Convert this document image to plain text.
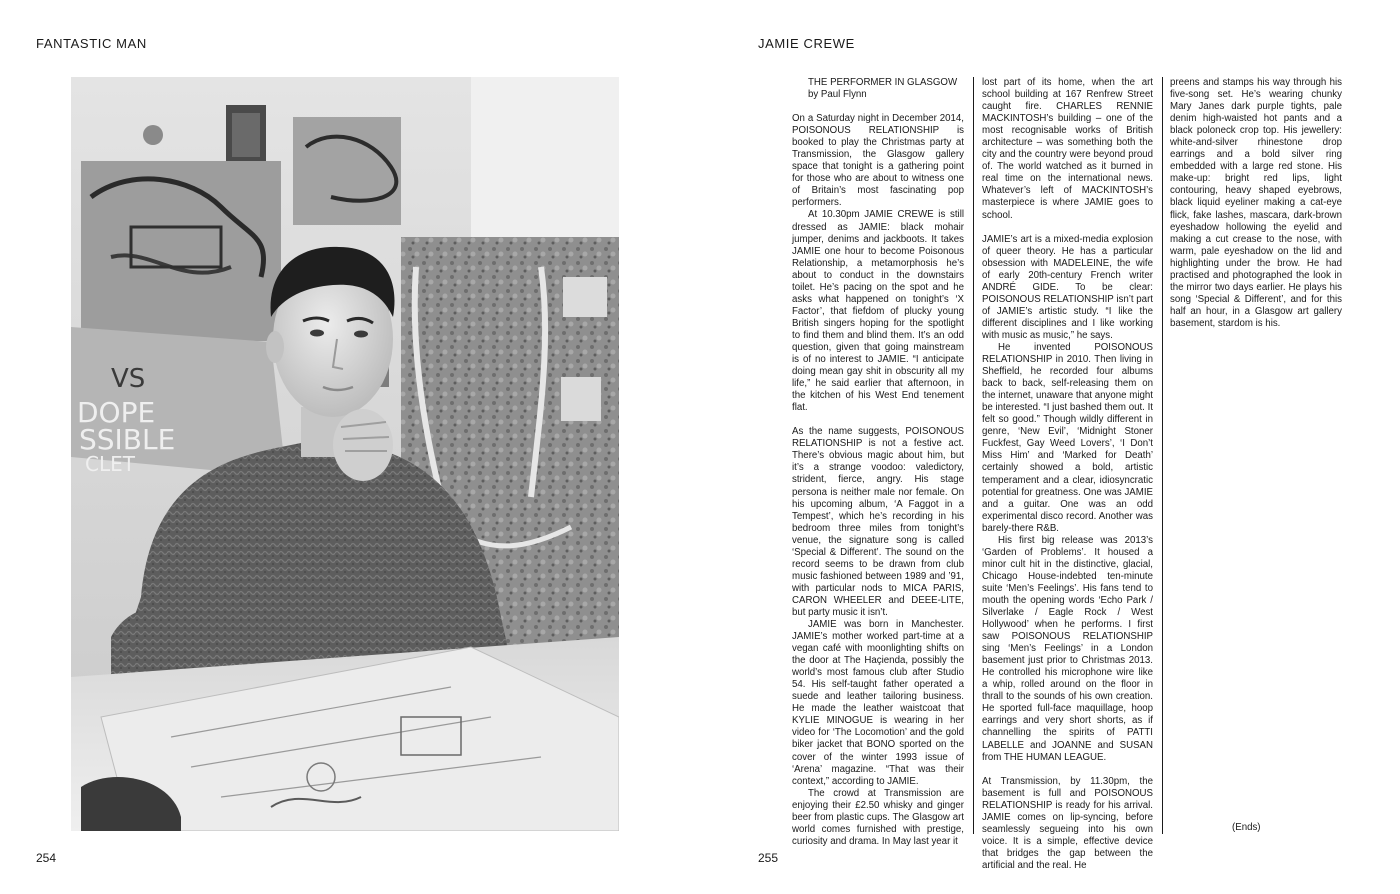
FANTASTIC MAN
VS
DOPE
SSIBLE
CLET
254
JAMIE CREWE

THE PERFORMER IN GLASGOW

by Paul Flynn

On a Saturday night in December 2014, POISONOUS RELATIONSHIP is booked to play the Christmas party at Transmission, the Glasgow gallery space that tonight is a gathering point for those who are about to witness one of Britain’s most fascinating pop performers.

At 10.30pm JAMIE CREWE is still dressed as JAMIE: black mohair jumper, denims and jackboots. It takes JAMIE one hour to become Poisonous Relationship, a metamorphosis he’s about to conduct in the downstairs toilet. He’s pacing on the spot and he asks what happened on tonight’s ‘X Factor’, that fiefdom of plucky young British singers hoping for the spotlight to find them and blind them. It’s an odd question, given that going mainstream is of no interest to JAMIE. “I anticipate doing mean gay shit in obscurity all my life,” he said earlier that afternoon, in the kitchen of his West End tenement flat.

As the name suggests, POISONOUS RELATIONSHIP is not a festive act. There’s obvious magic about him, but it’s a strange voodoo: valedictory, strident, fierce, angry. His stage persona is neither male nor female. On his upcoming album, ‘A Faggot in a Tempest’, which he’s recording in his bedroom three miles from tonight’s venue, the signature song is called ‘Special & Different’. The sound on the record seems to be drawn from club music fashioned between 1989 and ’91, with particular nods to MICA PARIS, CARON WHEELER and DEEE-LITE, but party music it isn’t.

JAMIE was born in Manchester. JAMIE’s mother worked part-time at a vegan café with moonlighting shifts on the door at The Haçienda, possibly the world’s most famous club after Studio 54. His self-taught father operated a suede and leather tailoring business. He made the leather waistcoat that KYLIE MINOGUE is wearing in her video for ‘The Locomotion’ and the gold biker jacket that BONO sported on the cover of the winter 1993 issue of ‘Arena’ magazine. “That was their context,” according to JAMIE.

The crowd at Transmission are enjoying their £2.50 whisky and ginger beer from plastic cups. The Glasgow art world comes furnished with prestige, curiosity and drama. In May last year it

lost part of its home, when the art school building at 167 Renfrew Street caught fire. CHARLES RENNIE MACKINTOSH’s building – one of the most recognisable works of British architecture – was something both the city and the country were beyond proud of. The world watched as it burned in real time on the international news. Whatever’s left of MACKINTOSH’s masterpiece is where JAMIE goes to school.

JAMIE’s art is a mixed-media explosion of queer theory. He has a particular obsession with MADELEINE, the wife of early 20th-century French writer ANDRÉ GIDE. To be clear: POISONOUS RELATIONSHIP isn’t part of JAMIE’s artistic study. “I like the different disciplines and I like working with music as music,” he says.

He invented POISONOUS RELATIONSHIP in 2010. Then living in Sheffield, he recorded four albums back to back, self-releasing them on the internet, unaware that anyone might be interested. “I just bashed them out. It felt so good.” Though wildly different in genre, ‘New Evil’, ‘Midnight Stoner Fuckfest, Gay Weed Lovers’, ‘I Don’t Miss Him’ and ‘Marked for Death’ certainly showed a bold, artistic temperament and a clear, idiosyncratic potential for greatness. One was JAMIE and a guitar. One was an odd experimental disco record. Another was barely-there R&B.

His first big release was 2013’s ‘Garden of Problems’. It housed a minor cult hit in the distinctive, glacial, Chicago House-indebted ten-minute suite ‘Men’s Feelings’. His fans tend to mouth the opening words ‘Echo Park / Silverlake / Eagle Rock / West Hollywood’ when he performs. I first saw POISONOUS RELATIONSHIP sing ‘Men’s Feelings’ in a London basement just prior to Christmas 2013. He controlled his microphone wire like a whip, rolled around on the floor in thrall to the sounds of his own creation. He sported full-face maquillage, hoop earrings and very short shorts, as if channelling the spirits of PATTI LABELLE and JOANNE and SUSAN from THE HUMAN LEAGUE.

At Transmission, by 11.30pm, the basement is full and POISONOUS RELATIONSHIP is ready for his arrival. JAMIE comes on lip-syncing, before seamlessly segueing into his own voice. It is a simple, effective device that bridges the gap between the artificial and the real. He

preens and stamps his way through his five-song set. He’s wearing chunky Mary Janes dark purple tights, pale denim high-waisted hot pants and a black poloneck crop top. His jewellery: white-and-silver rhinestone drop earrings and a bold silver ring embedded with a large red stone. His make-up: bright red lips, light contouring, heavy shaped eyebrows, black liquid eyeliner making a cat-eye flick, fake lashes, mascara, dark-brown eyeshadow hollowing the eyelid and making a cut crease to the nose, with warm, pale eyeshadow on the lid and highlighting under the brow. He had practised and photographed the look in the mirror two days earlier. He plays his song ‘Special & Different’, and for this half an hour, in a Glasgow art gallery basement, stardom is his.

(Ends)
255
